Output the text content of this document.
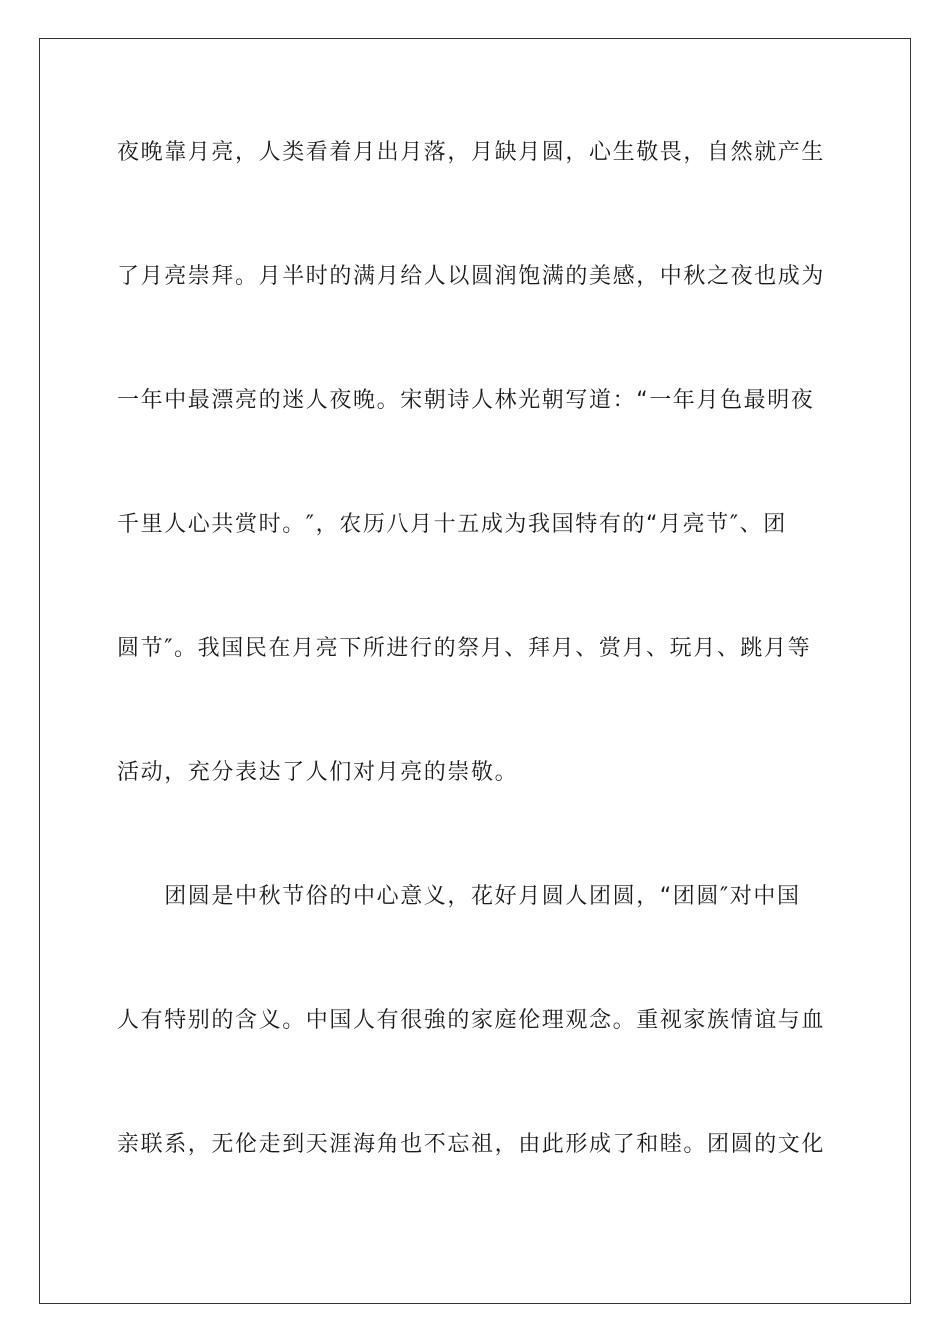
夜晚靠月亮，人类看着月出月落，月缺月圆，心生敬畏，自然就产生
了月亮崇拜。月半时的满月给人以圆润饱满的美感，中秋之夜也成为
一年中最漂亮的迷人夜晚。宋朝诗人林光朝写道：“一年月色最明夜
千里人心共赏时。″，农历八月十五成为我国特有的“月亮节″、团
圆节″。我国民在月亮下所进行的祭月、拜月、赏月、玩月、跳月等
活动，充分表达了人们对月亮的崇敬。
　　团圆是中秋节俗的中心意义，花好月圆人团圆，“团圆″对中国
人有特别的含义。中国人有很強的家庭伦理观念。重视家族情谊与血
亲联系，无伦走到天涯海角也不忘祖，由此形成了和睦。团圆的文化
